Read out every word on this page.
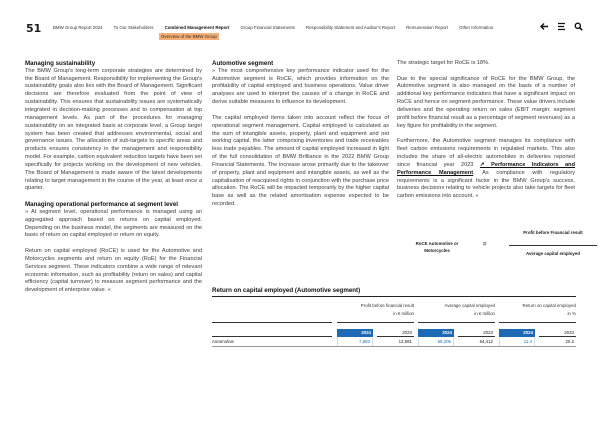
51	BMW Group Report 2024	To Our Stakeholders	Combined Management Report	Group Financial Statements	Responsibility Statement and Auditor's Report	Remuneration Report	Other Information
Overview of the BMW Group
Managing sustainability

The BMW Group's long-term corporate strategies are determined by the Board of Management. Responsibility for implementing the Group's sustainability goals also lies with the Board of Management. Significant decisions are therefore evaluated from the point of view of sustainability. This ensures that sustainability issues are systematically integrated in decision-making processes and to compensation at top management levels. As part of the procedures for managing sustainability on an integrated basis at corporate level, a Group target system has been created that addresses environmental, social and governance issues. The allocation of sub-targets to specific areas and products ensures consistency in the management and responsibility model. For example, carbon equivalent reduction targets have been set specifically for projects working on the development of new vehicles. The Board of Management is made aware of the latest developments relating to target management in the course of the year, at least once a quarter.

Managing operational performance at segment level

» At segment level, operational performance is managed using an aggregated approach based on returns on capital employed. Depending on the business model, the segments are measured on the basis of return on capital employed or return on equity.

Return on capital employed (RoCE) is used for the Automotive and Motorcycles segments and return on equity (RoE) for the Financial Services segment. These indicators combine a wide range of relevant economic information, such as profitability (return on sales) and capital efficiency (capital turnover) to measure segment performance and the development of enterprise value. «

Automotive segment

» The most comprehensive key performance indicator used for the Automotive segment is RoCE, which provides information on the profitability of capital employed and business operations. Value driver analyses are used to interpret the causes of a change in RoCE and derive suitable measures to influence its development.

The capital employed items taken into account reflect the focus of operational segment management. Capital employed is calculated as the sum of intangible assets, property, plant and equipment and net working capital, the latter comprising inventories and trade receivables less trade payables. The amount of capital employed increased in light of the full consolidation of BMW Brilliance in the 2022 BMW Group Financial Statements. The increase arose primarily due to the takeover of property, plant and equipment and intangible assets, as well as the capitalisation of reacquired rights in conjunction with the purchase price allocation. The RoCE will be impacted temporarily by the higher capital base as well as the related amortisation expense expected to be recorded.

The strategic target for RoCE is 18%.

Due to the special significance of RoCE for the BMW Group, the Automotive segment is also managed on the basis of a number of additional key performance indicators that have a significant impact on RoCE and hence on segment performance. These value drivers include deliveries and the operating return on sales (EBIT margin: segment profit before financial result as a percentage of segment revenues) as a key figure for profitability in the segment.

Furthermore, the Automotive segment manages its compliance with fleet carbon emissions requirements in regulated markets. This also includes the share of all-electric automobiles in deliveries reported since financial year 2023 ↗ Performance Indicators and Performance Management. As compliance with regulatory requirements is a significant factor in the BMW Group's success, business decisions relating to vehicle projects also take targets for fleet carbon emissions into account. «

RoCE Automotive or Motorcycles
=
Profit before Financial result
Average capital employed
Return on capital employed (Automotive segment)
Profit before financial result
in € million
Average capital employed
in € million
Return on capital employed
in %
2024	2023	2024	2023	2024	2023
Automotive	7,893	12,981	69,205	64,412	11.4	20.2
